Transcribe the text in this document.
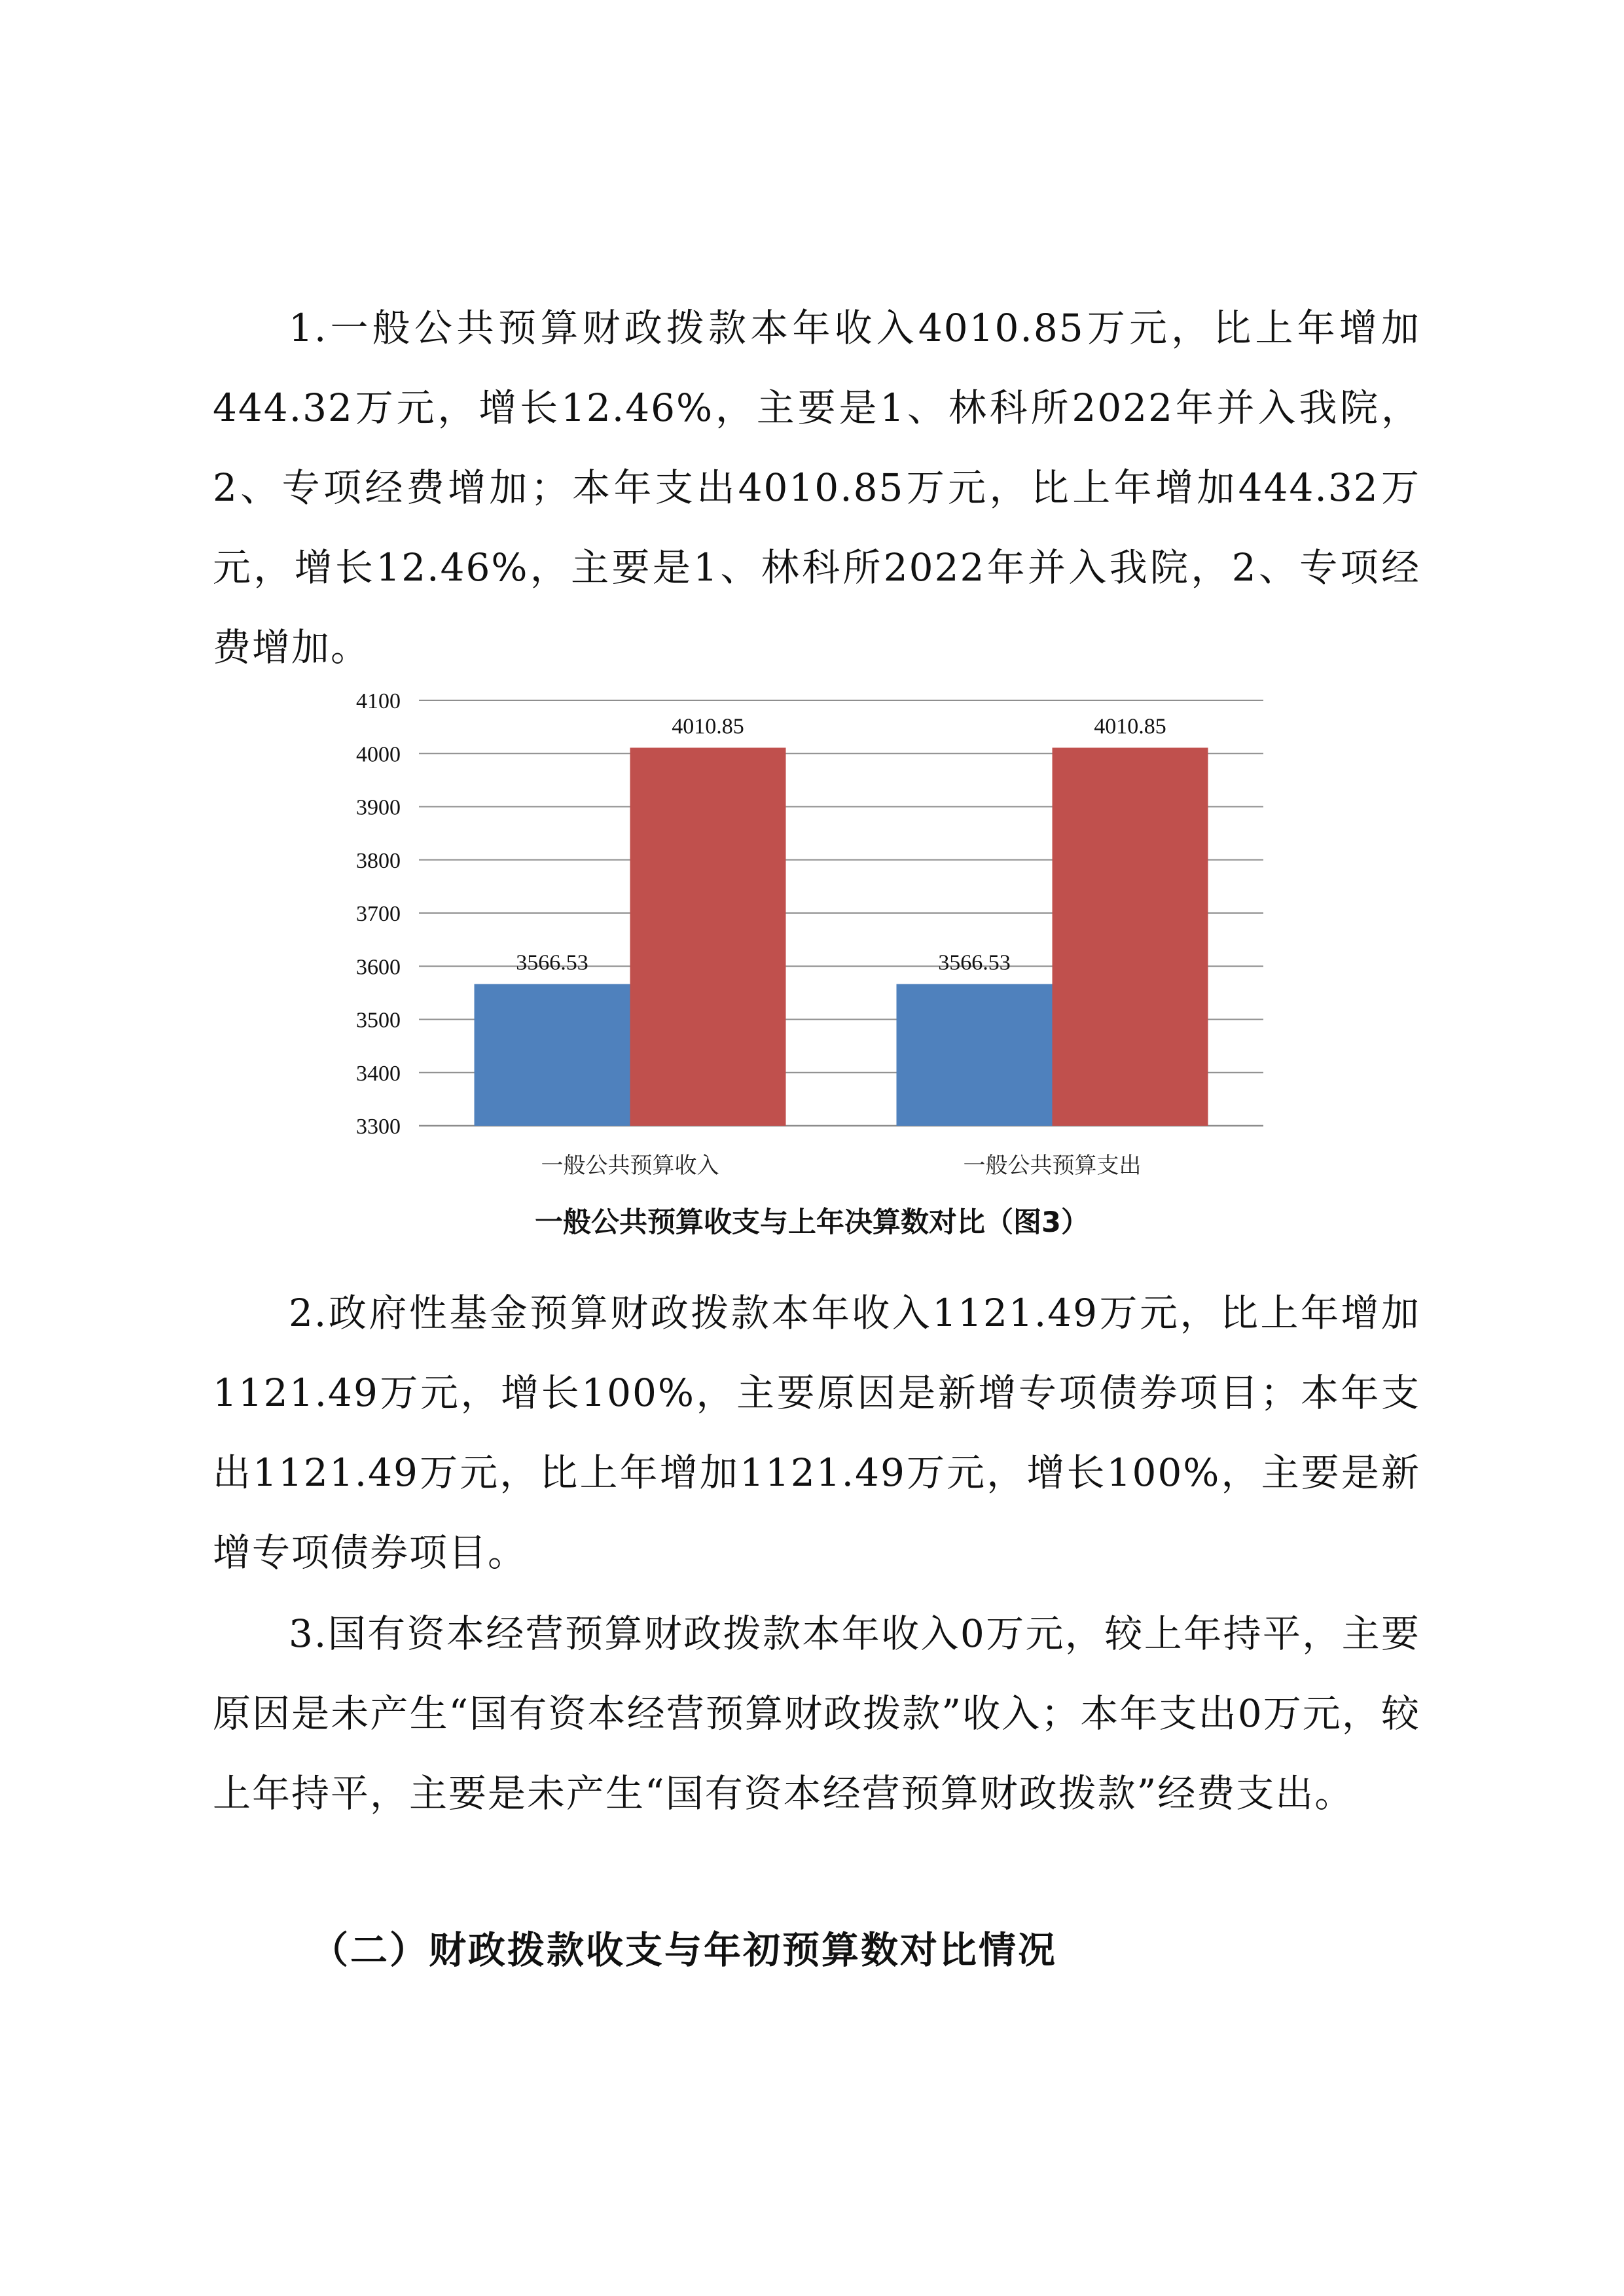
1.一般公共预算财政拨款本年收入4010.85万元，比上年增加444.32万元，增长12.46%，主要是1、林科所2022年并入我院，2、专项经费增加；本年支出4010.85万元，比上年增加444.32万元，增长12.46%，主要是1、林科所2022年并入我院，2、专项经费增加。

3300
3400
3500
3600
3700
3800
3900
4000
4100
3566.53
4010.85
一般公共预算收入
3566.53
4010.85
一般公共预算支出

一般公共预算收支与上年决算数对比（图3）

2.政府性基金预算财政拨款本年收入1121.49万元，比上年增加1121.49万元，增长100%，主要原因是新增专项债券项目；本年支出1121.49万元，比上年增加1121.49万元，增长100%，主要是新增专项债券项目。

3.国有资本经营预算财政拨款本年收入0万元，较上年持平，主要原因是未产生“国有资本经营预算财政拨款”收入；本年支出0万元，较上年持平，主要是未产生“国有资本经营预算财政拨款”经费支出。

（二）财政拨款收支与年初预算数对比情况
